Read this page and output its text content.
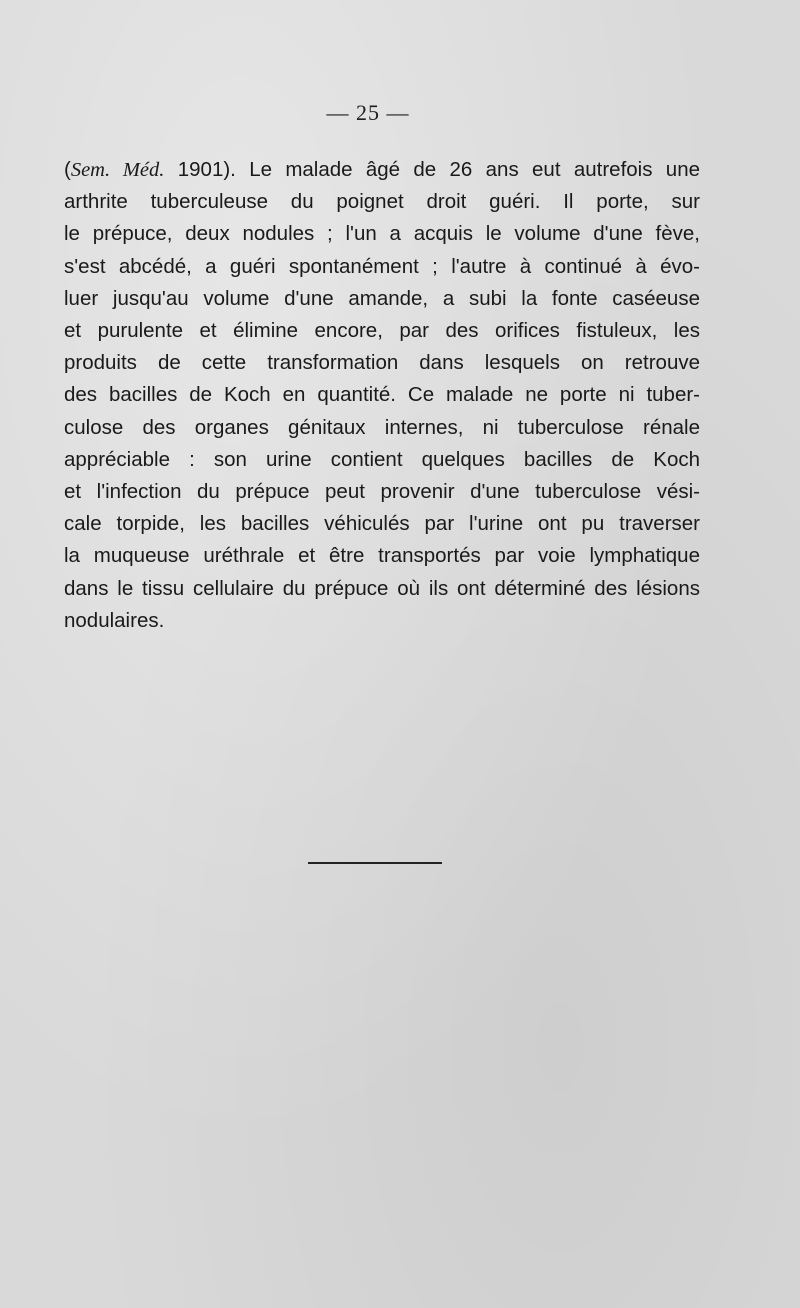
— 25 —
(Sem. Méd. 1901). Le malade âgé de 26 ans eut autrefois une
arthrite tuberculeuse du poignet droit guéri. Il porte, sur
le prépuce, deux nodules ; l'un a acquis le volume d'une fève,
s'est abcédé, a guéri spontanément ; l'autre à continué à évo-
luer jusqu'au volume d'une amande, a subi la fonte caséeuse
et purulente et élimine encore, par des orifices fistuleux, les
produits de cette transformation dans lesquels on retrouve
des bacilles de Koch en quantité. Ce malade ne porte ni tuber-
culose des organes génitaux internes, ni tuberculose rénale
appréciable : son urine contient quelques bacilles de Koch
et l'infection du prépuce peut provenir d'une tuberculose vési-
cale torpide, les bacilles véhiculés par l'urine ont pu traverser
la muqueuse uréthrale et être transportés par voie lymphatique
dans le tissu cellulaire du prépuce où ils ont déterminé des lésions
nodulaires.
